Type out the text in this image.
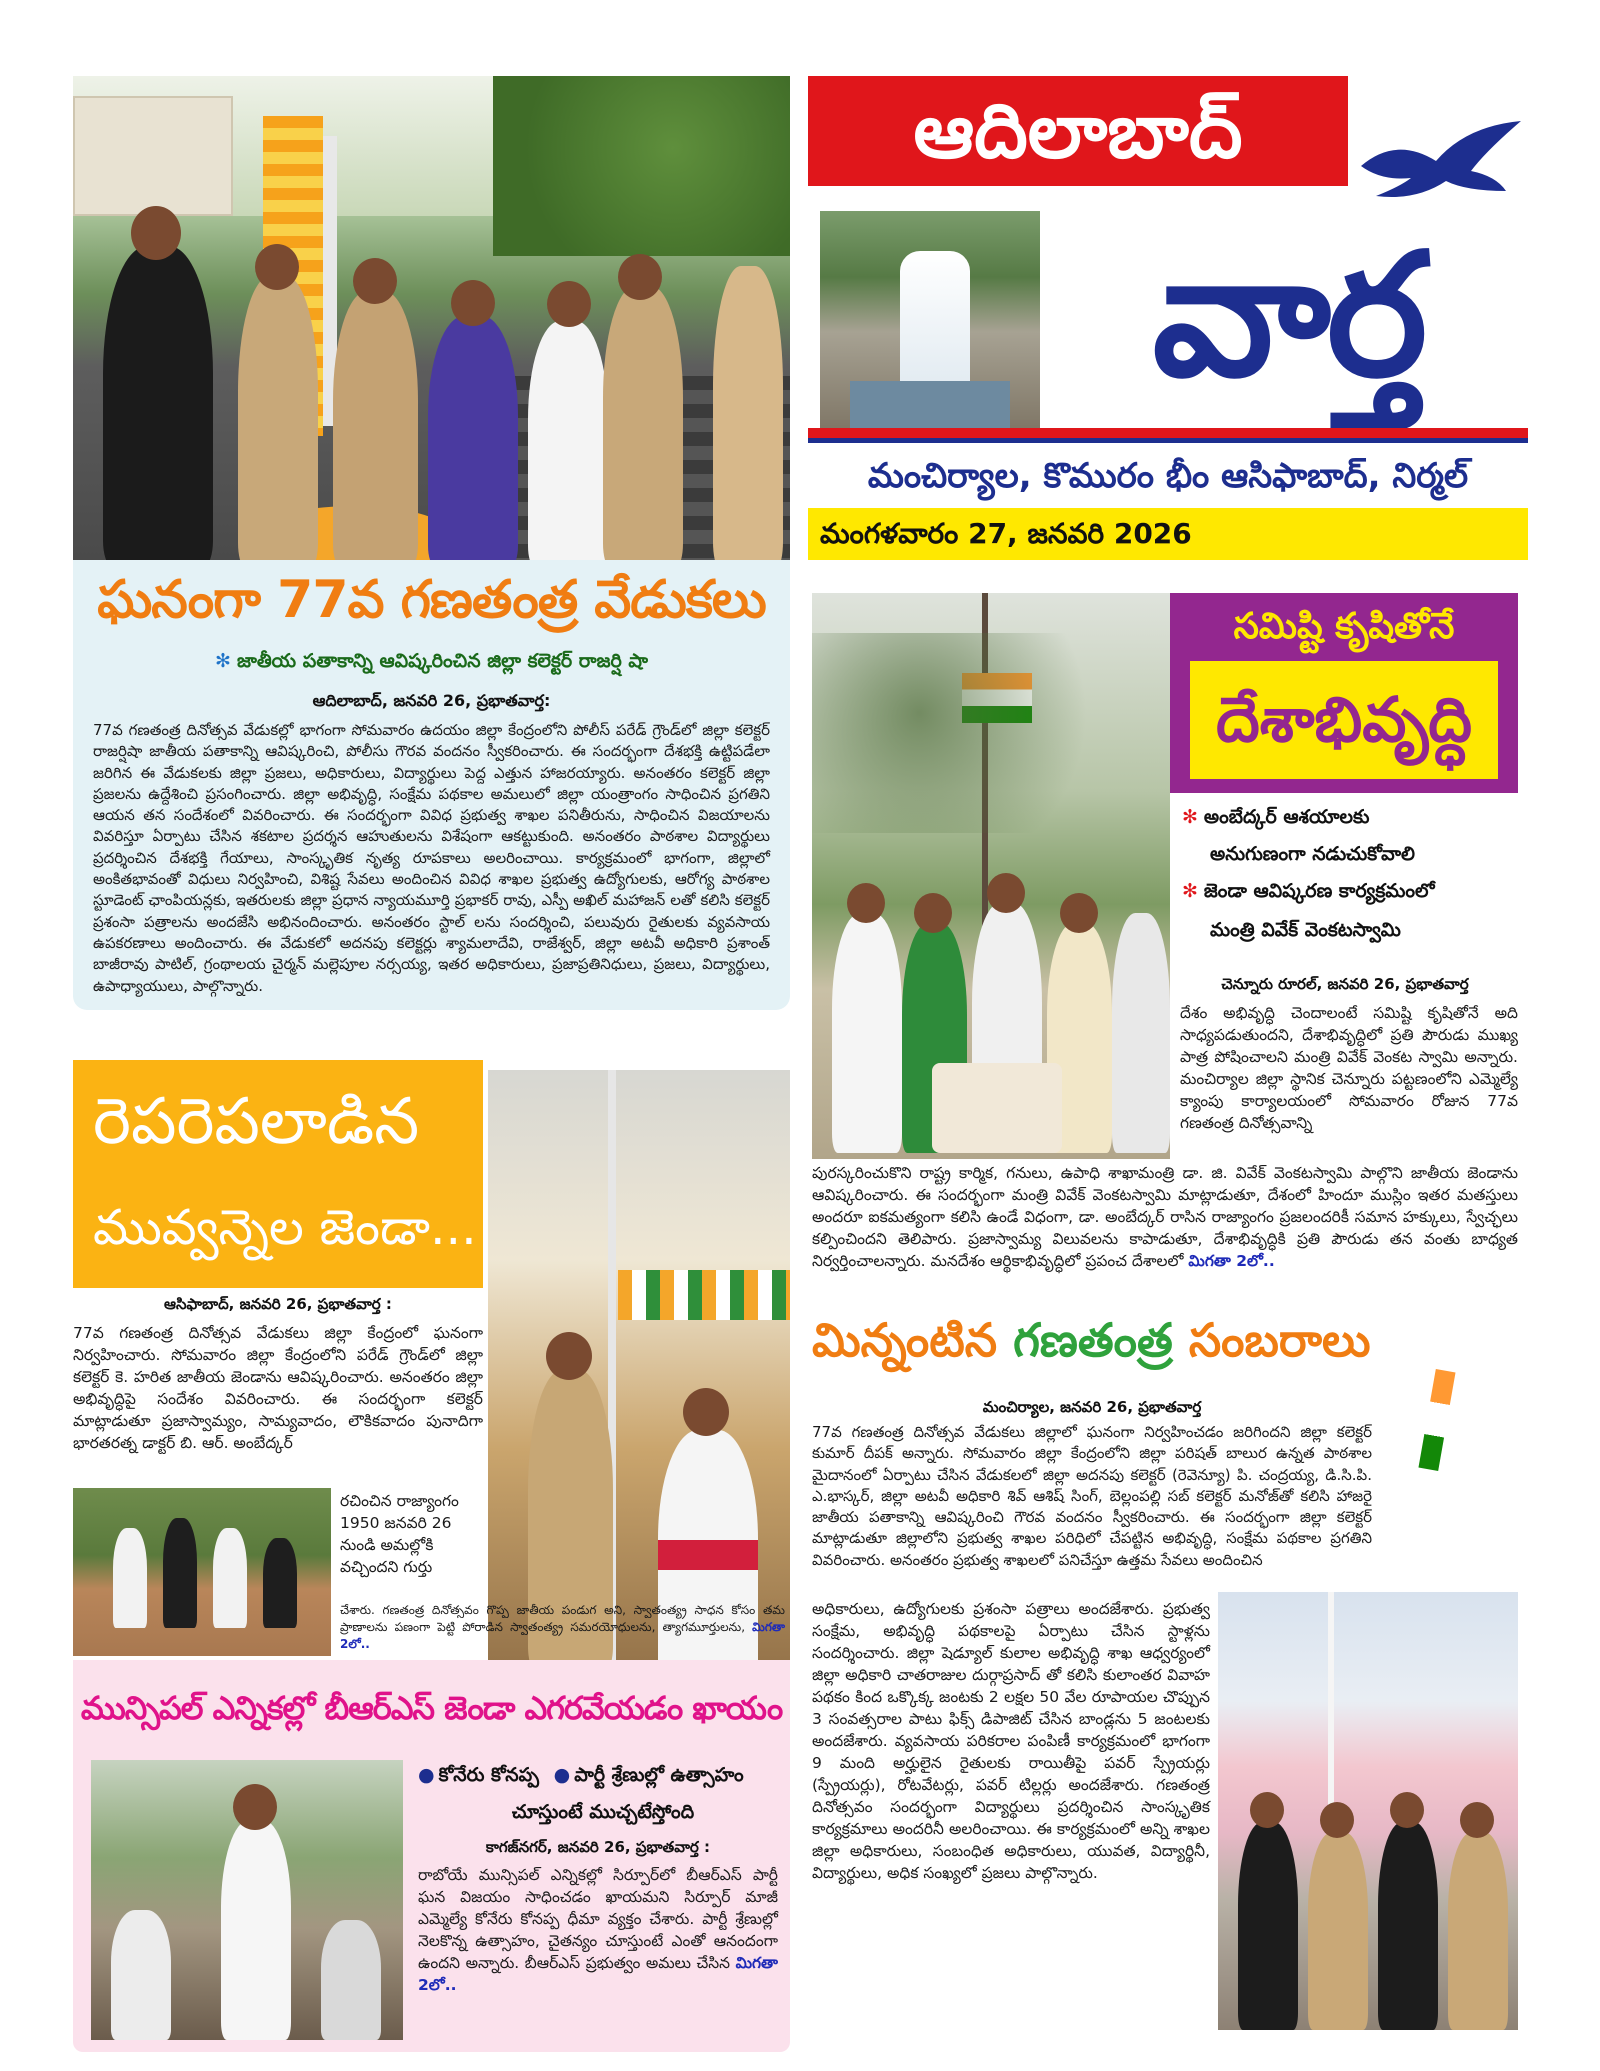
ఘనంగా 77వ గణతంత్ర వేడుకలు
✻ జాతీయ పతాకాన్ని ఆవిష్కరించిన జిల్లా కలెక్టర్ రాజర్షి షా
ఆదిలాబాద్, జనవరి 26, ప్రభాతవార్త:
77వ గణతంత్ర దినోత్సవ వేడుకల్లో భాగంగా సోమవారం ఉదయం జిల్లా కేంద్రంలోని పోలీస్ పరేడ్ గ్రౌండ్‌లో జిల్లా కలెక్టర్ రాజర్షిషా జాతీయ పతాకాన్ని ఆవిష్కరించి, పోలీసు గౌరవ వందనం స్వీకరించారు. ఈ సందర్భంగా దేశభక్తి ఉట్టిపడేలా జరిగిన ఈ వేడుకలకు జిల్లా ప్రజలు, అధికారులు, విద్యార్థులు పెద్ద ఎత్తున హాజరయ్యారు. అనంతరం కలెక్టర్ జిల్లా ప్రజలను ఉద్దేశించి ప్రసంగించారు. జిల్లా అభివృద్ధి, సంక్షేమ పథకాల అమలులో జిల్లా యంత్రాంగం సాధించిన ప్రగతిని ఆయన తన సందేశంలో వివరించారు. ఈ సందర్భంగా వివిధ ప్రభుత్వ శాఖల పనితీరును, సాధించిన విజయాలను వివరిస్తూ ఏర్పాటు చేసిన శకటాల ప్రదర్శన ఆహుతులను విశేషంగా ఆకట్టుకుంది. అనంతరం పాఠశాల విద్యార్థులు ప్రదర్శించిన దేశభక్తి గేయాలు, సాంస్కృతిక నృత్య రూపకాలు అలరించాయి. కార్యక్రమంలో భాగంగా, జిల్లాలో అంకితభావంతో విధులు నిర్వహించి, విశిష్ట సేవలు అందించిన వివిధ శాఖల ప్రభుత్వ ఉద్యోగులకు, ఆరోగ్య పాఠశాల స్టూడెంట్ ఛాంపియన్లకు, ఇతరులకు జిల్లా ప్రధాన న్యాయమూర్తి ప్రభాకర్ రావు, ఎస్పీ అఖిల్ మహాజన్ లతో కలిసి కలెక్టర్ ప్రశంసా పత్రాలను అందజేసి అభినందించారు. అనంతరం స్టాల్ లను సందర్శించి, పలువురు రైతులకు వ్యవసాయ ఉపకరణాలు అందించారు. ఈ వేడుకలో అదనపు కలెక్టర్లు శ్యామలాదేవి, రాజేశ్వర్, జిల్లా అటవీ అధికారి ప్రశాంత్ బాజీరావు పాటిల్, గ్రంథాలయ చైర్మన్ మల్లెపూల నర్సయ్య, ఇతర అధికారులు, ప్రజాప్రతినిధులు, ప్రజలు, విద్యార్థులు, ఉపాధ్యాయులు, పాల్గొన్నారు.
ఆదిలాబాద్
వార్త
మంచిర్యాల, కొమురం భీం ఆసిఫాబాద్, నిర్మల్
మంగళవారం 27, జనవరి 2026
సమిష్టి కృషితోనే
దేశాభివృద్ధి
✻ అంబేద్కర్ ఆశయాలకు
అనుగుణంగా నడుచుకోవాలి
✻ జెండా ఆవిష్కరణ కార్యక్రమంలో
మంత్రి వివేక్ వెంకటస్వామి
చెన్నూరు రూరల్, జనవరి 26, ప్రభాతవార్త
దేశం అభివృద్ధి చెందాలంటే సమిష్టి కృషితోనే అది సాధ్యపడుతుందని, దేశాభివృద్ధిలో ప్రతి పౌరుడు ముఖ్య పాత్ర పోషించాలని మంత్రి వివేక్ వెంకట స్వామి అన్నారు. మంచిర్యాల జిల్లా స్థానిక చెన్నూరు పట్టణంలోని ఎమ్మెల్యే క్యాంపు కార్యాలయంలో సోమవారం రోజున 77వ గణతంత్ర దినోత్సవాన్ని
పురస్కరించుకొని రాష్ట్ర కార్మిక, గనులు, ఉపాధి శాఖామంత్రి డా. జి. వివేక్ వెంకటస్వామి పాల్గొని జాతీయ జెండాను ఆవిష్కరించారు. ఈ సందర్భంగా మంత్రి వివేక్ వెంకటస్వామి మాట్లాడుతూ, దేశంలో హిందూ ముస్లిం ఇతర మతస్తులు అందరూ ఐకమత్యంగా కలిసి ఉండే విధంగా, డా. అంబేద్కర్ రాసిన రాజ్యాంగం ప్రజలందరికీ సమాన హక్కులు, స్వేచ్ఛలు కల్పించిందని తెలిపారు. ప్రజాస్వామ్య విలువలను కాపాడుతూ, దేశాభివృద్ధికి ప్రతి పౌరుడు తన వంతు బాధ్యత నిర్వర్తించాలన్నారు. మనదేశం ఆర్థికాభివృద్ధిలో ప్రపంచ దేశాలలో మిగతా 2లో..
రెపరెపలాడిన
మువ్వన్నెల జెండా...
ఆసిఫాబాద్, జనవరి 26, ప్రభాతవార్త :
77వ గణతంత్ర దినోత్సవ వేడుకలు జిల్లా కేంద్రంలో ఘనంగా నిర్వహించారు. సోమవారం జిల్లా కేంద్రంలోని పరేడ్ గ్రౌండ్‌లో జిల్లా కలెక్టర్ కె. హరిత జాతీయ జెండాను ఆవిష్కరించారు. అనంతరం జిల్లా అభివృద్ధిపై సందేశం వివరించారు. ఈ సందర్భంగా కలెక్టర్ మాట్లాడుతూ ప్రజాస్వామ్యం, సామ్యవాదం, లౌకికవాదం పునాదిగా భారతరత్న డాక్టర్ బి. ఆర్. అంబేద్కర్
రచించిన రాజ్యాంగం 1950 జనవరి 26 నుండి అమల్లోకి వచ్చిందని గుర్తు
చేశారు. గణతంత్ర దినోత్సవం గొప్ప జాతీయ పండుగ అని, స్వాతంత్య్ర సాధన కోసం తమ ప్రాణాలను పణంగా పెట్టి పోరాడిన స్వాతంత్య్ర సమరయోధులను, త్యాగమూర్తులను, మిగతా 2లో..
మిన్నంటిన గణతంత్ర సంబరాలు
మంచిర్యాల, జనవరి 26, ప్రభాతవార్త
77వ గణతంత్ర దినోత్సవ వేడుకలు జిల్లాలో ఘనంగా నిర్వహించడం జరిగిందని జిల్లా కలెక్టర్ కుమార్ దీపక్ అన్నారు. సోమవారం జిల్లా కేంద్రంలోని జిల్లా పరిషత్ బాలుర ఉన్నత పాఠశాల మైదానంలో ఏర్పాటు చేసిన వేడుకలలో జిల్లా అదనపు కలెక్టర్ (రెవెన్యూ) పి. చంద్రయ్య, డి.సి.పి. ఎ.భాస్కర్, జిల్లా అటవీ అధికారి శివ్ ఆశిష్ సింగ్, బెల్లంపల్లి సబ్ కలెక్టర్ మనోజ్‌తో కలిసి హాజరై జాతీయ పతాకాన్ని ఆవిష్కరించి గౌరవ వందనం స్వీకరించారు. ఈ సందర్భంగా జిల్లా కలెక్టర్ మాట్లాడుతూ జిల్లాలోని ప్రభుత్వ శాఖల పరిధిలో చేపట్టిన అభివృద్ధి, సంక్షేమ పథకాల ప్రగతిని వివరించారు. అనంతరం ప్రభుత్వ శాఖలలో పనిచేస్తూ ఉత్తమ సేవలు అందించిన
అధికారులు, ఉద్యోగులకు ప్రశంసా పత్రాలు అందజేశారు. ప్రభుత్వ సంక్షేమ, అభివృద్ధి పథకాలపై ఏర్పాటు చేసిన స్టాళ్లను సందర్శించారు. జిల్లా షెడ్యూల్ కులాల అభివృద్ధి శాఖ ఆధ్వర్యంలో జిల్లా అధికారి చాతరాజుల దుర్గాప్రసాద్ తో కలిసి కులాంతర వివాహ పథకం కింద ఒక్కొక్క జంటకు 2 లక్షల 50 వేల రూపాయల చొప్పున 3 సంవత్సరాల పాటు ఫిక్స్ డిపాజిట్ చేసిన బాండ్లను 5 జంటలకు అందజేశారు. వ్యవసాయ పరికరాల పంపిణీ కార్యక్రమంలో భాగంగా 9 మంది అర్హులైన రైతులకు రాయితీపై పవర్ స్ప్రేయర్లు (స్ప్రేయర్లు), రోటవేటర్లు, పవర్ టిల్లర్లు అందజేశారు. గణతంత్ర దినోత్సవం సందర్భంగా విద్యార్థులు ప్రదర్శించిన సాంస్కృతిక కార్యక్రమాలు అందరినీ అలరించాయి. ఈ కార్యక్రమంలో అన్ని శాఖల జిల్లా అధికారులు, సంబంధిత అధికారులు, యువత, విద్యార్థినీ, విద్యార్థులు, అధిక సంఖ్యలో ప్రజలు పాల్గొన్నారు.
మున్సిపల్ ఎన్నికల్లో బీఆర్ఎస్ జెండా ఎగరవేయడం ఖాయం
● కోనేరు కోనప్ప ● పార్టీ శ్రేణుల్లో ఉత్సాహం
చూస్తుంటే ముచ్చటేస్తోంది
కాగజ్‌నగర్, జనవరి 26, ప్రభాతవార్త :
రాబోయే మున్సిపల్ ఎన్నికల్లో సిర్పూర్‌లో బీఆర్ఎస్ పార్టీ ఘన విజయం సాధించడం ఖాయమని సిర్పూర్ మాజీ ఎమ్మెల్యే కోనేరు కోనప్ప ధీమా వ్యక్తం చేశారు. పార్టీ శ్రేణుల్లో నెలకొన్న ఉత్సాహం, చైతన్యం చూస్తుంటే ఎంతో ఆనందంగా ఉందని అన్నారు. బీఆర్ఎస్ ప్రభుత్వం అమలు చేసిన మిగతా 2లో..
